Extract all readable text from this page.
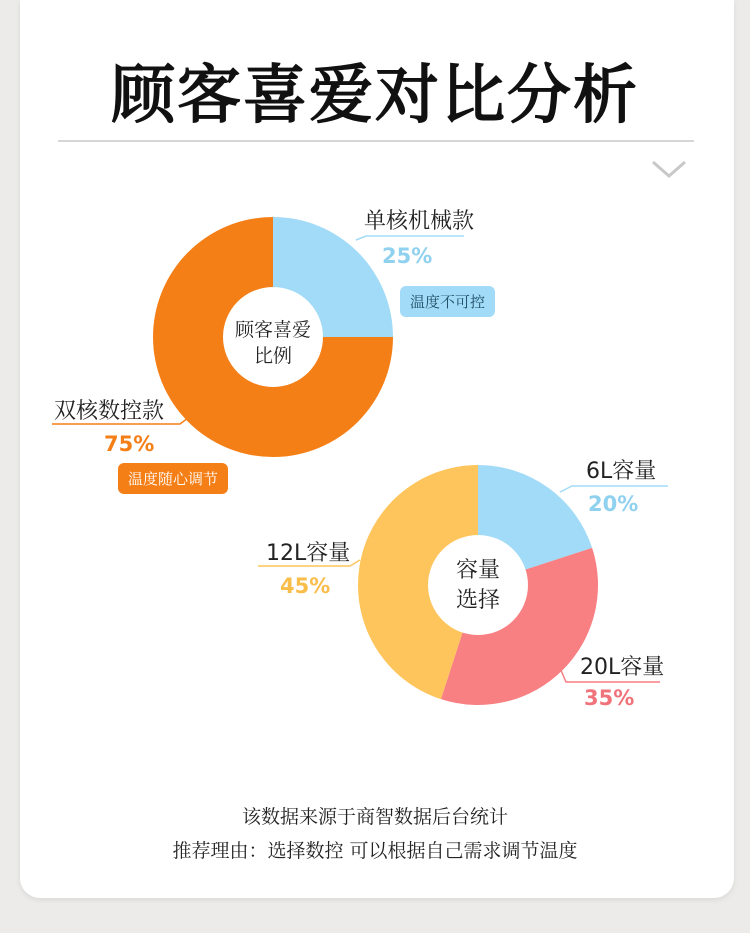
顾客喜爱对比分析
顾客喜爱
比例
单核机械款
25%
温度不可控
双核数控款
75%
温度随心调节
容量
选择
6L容量
20%
20L容量
35%
12L容量
45%
该数据来源于商智数据后台统计
推荐理由：选择数控 可以根据自己需求调节温度
